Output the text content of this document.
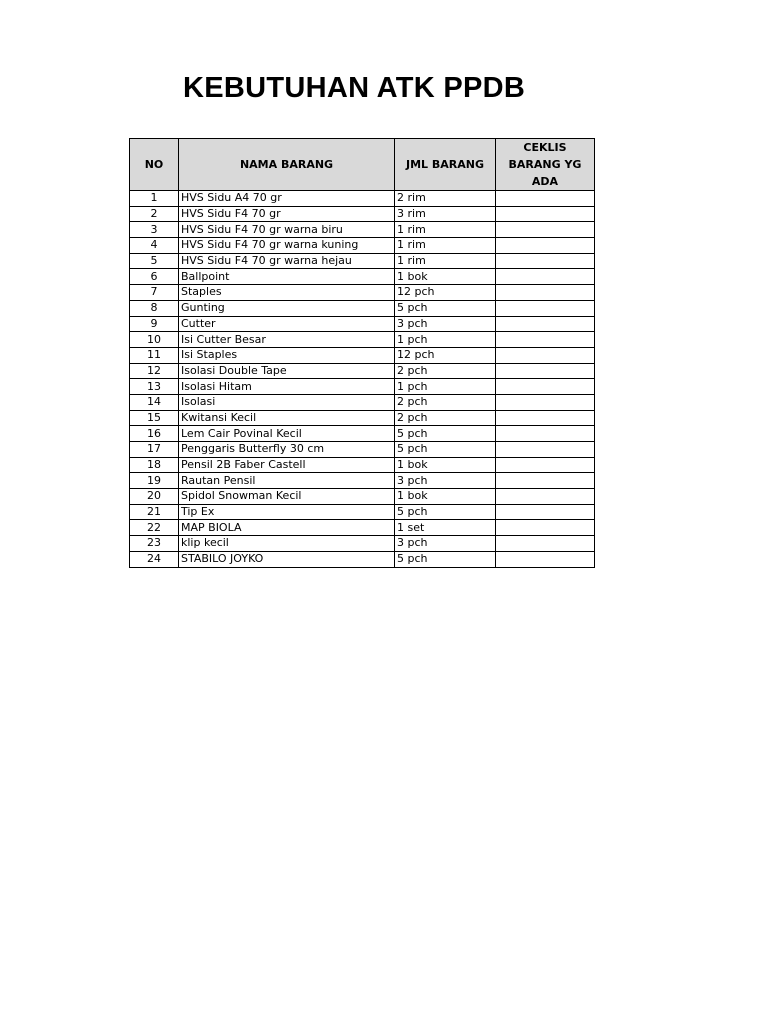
KEBUTUHAN ATK PPDB
NO	NAMA BARANG	JML BARANG	CEKLIS BARANG YG ADA
1	HVS Sidu A4 70 gr	2 rim	
2	HVS Sidu F4 70 gr	3 rim	
3	HVS Sidu F4 70 gr warna biru	1 rim	
4	HVS Sidu F4 70 gr warna kuning	1 rim	
5	HVS Sidu F4 70 gr warna hejau	1 rim	
6	Ballpoint	1 bok	
7	Staples	12 pch	
8	Gunting	5 pch	
9	Cutter	3 pch	
10	Isi Cutter Besar	1 pch	
11	Isi Staples	12 pch	
12	Isolasi Double Tape	2 pch	
13	Isolasi Hitam	1 pch	
14	Isolasi	2 pch	
15	Kwitansi Kecil	2 pch	
16	Lem Cair Povinal Kecil	5 pch	
17	Penggaris Butterfly 30 cm	5 pch	
18	Pensil 2B Faber Castell	1 bok	
19	Rautan Pensil	3 pch	
20	Spidol Snowman Kecil	1 bok	
21	Tip Ex	5 pch	
22	MAP BIOLA	1 set	
23	klip kecil	3 pch	
24	STABILO JOYKO	5 pch	
